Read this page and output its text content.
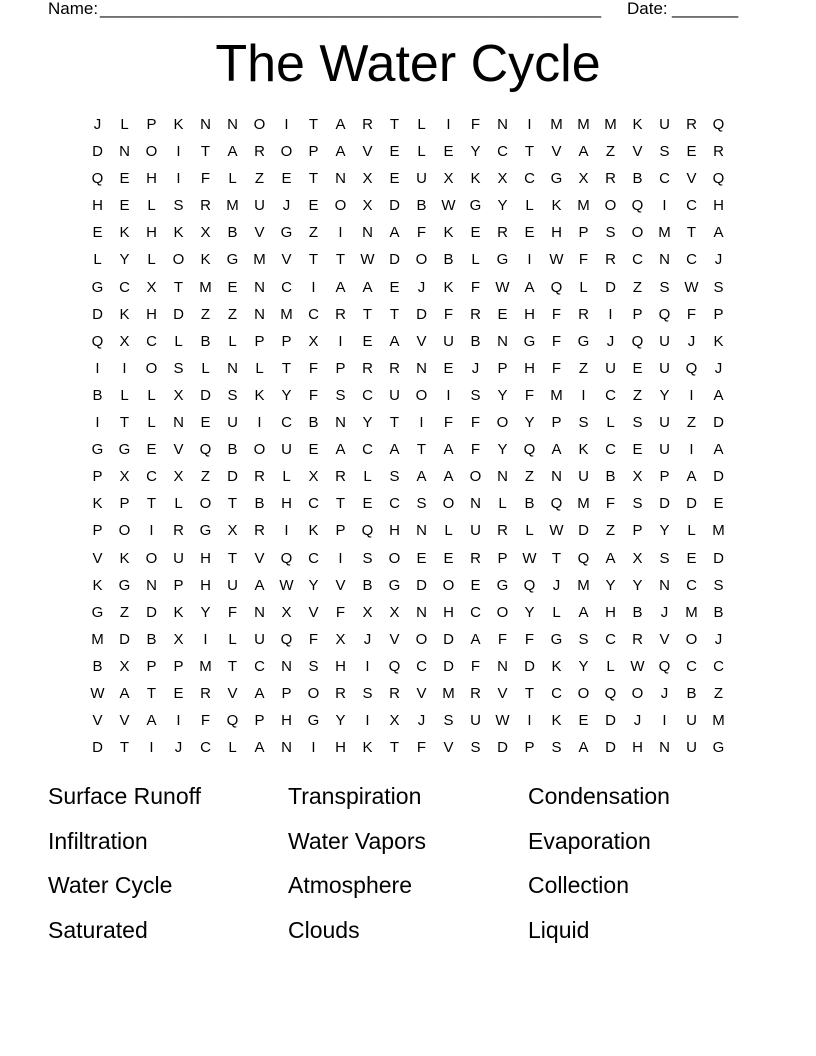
Name: _____________________________________________________ Date: _______
The Water Cycle
J	L	P	K	N	N	O	I	T	A	R	T	L	I	F	N	I	M M M	K	U	R	Q
D	N	O	I	T	A	R	O	P	A	V	E	L	E	Y	C	T	V	A	Z	V	S	E	R
Q	E	H	I	F	L	Z	E	T	N	X	E	U	X	K	X	C	G	X	R	B	C	V	Q
H	E	L	S	R	M	U	J	E	O	X	D	B W G	Y	L	K	M O	Q	I	C	H
E	K	H	K	X	B	V	G	Z	I	N	A	F	K	E	R	E	H	P	S	O M	T	A
L	Y	L	O	K	G M	V	T	T	W D	O	B	L	G	I	W	F	R	C	N	C	J
G	C	X	T	M	E	N	C	I	A	A	E	J	K	F	W A	Q	L	D	Z	S W S
D	K	H	D	Z	Z	N	M	C	R	T	T	D	F	R	E	H	F	R	I	P	Q	F	P
Q	X	C	L	B	L	P	P	X	I	E	A	V	U	B	N	G	F	G	J	Q	U	J	K
I	I	O	S	L	N	L	T	F	P	R	R	N	E	J	P	H	F	Z	U	E	U	Q	J
B	L	L	X	D	S	K	Y	F	S	C	U	O	I	S	Y	F	M	I	C	Z	Y	I	A
I	T	L	N	E	U	I	C	B	N	Y	T	I	F	F	O	Y	P	S	L	S	U	Z	D
G	G	E	V	Q	B	O	U	E	A	C	A	T	A	F	Y	Q	A	K	C	E	U	I	A
P	X	C	X	Z	D	R	L	X	R	L	S	A	A	O	N	Z	N	U	B	X	P	A	D
K	P	T	L	O	T	B	H	C	T	E	C	S	O	N	L	B	Q M	F	S	D	D	E
P	O	I	R	G	X	R	I	K	P	Q	H	N	L	U	R	L	W D	Z	P	Y	L	M
V	K	O	U	H	T	V	Q	C	I	S	O	E	E	R	P W	T	Q	A	X	S	E	D
K	G	N	P	H	U	A W Y	V	B	G	D	O	E	G	Q	J	M	Y	Y	N	C	S
G	Z	D	K	Y	F	N	X	V	F	X	X	N	H	C	O	Y	L	A	H	B	J	M	B
M	D	B	X	I	L	U	Q	F	X	J	V	O	D	A	F	F	G	S	C	R	V	O	J
B	X	P	P	M	T	C	N	S	H	I	Q	C	D	F	N	D	K	Y	L	W Q	C	C
W A	T	E	R	V	A	P	O	R	S	R	V	M	R	V	T	C	O	Q	O	J	B	Z
V	V	A	I	F	Q	P	H	G	Y	I	X	J	S	U W	I	K	E	D	J	I	U	M
D	T	I	J	C	L	A	N	I	H	K	T	F	V	S	D	P	S	A	D	H	N	U	G
Surface Runoff	Transpiration	Condensation
Infiltration	Water Vapors	Evaporation
Water Cycle	Atmosphere	Collection
Saturated	Clouds	Liquid
